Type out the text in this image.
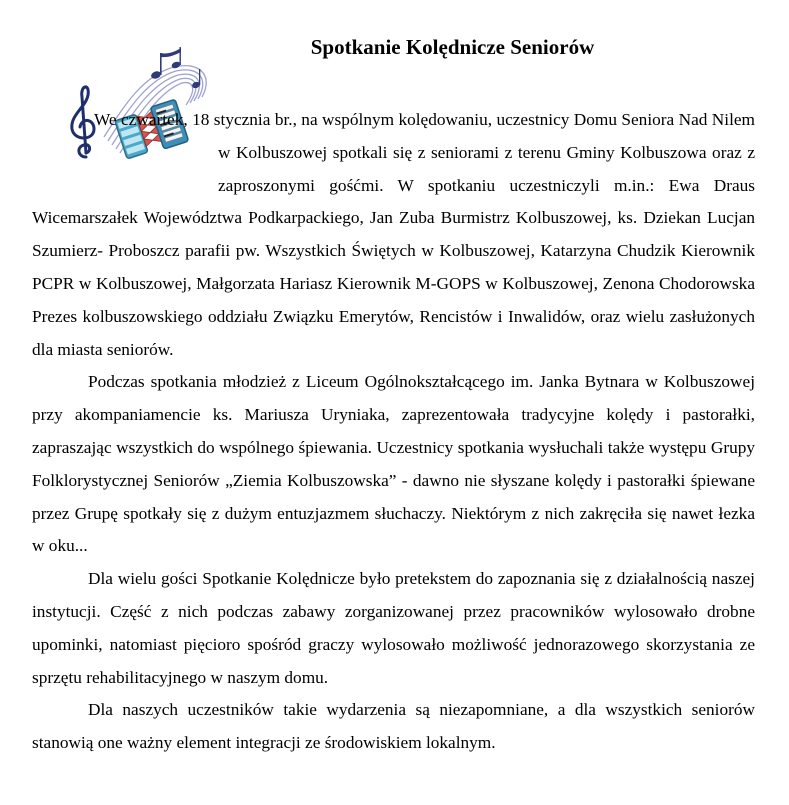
Spotkanie Kolędnicze Seniorów

We czwartek, 18 stycznia br., na wspólnym kolędowaniu, uczestnicy Domu Seniora Nad Nilem w Kolbuszowej spotkali się z seniorami z terenu Gminy Kolbuszowa oraz z zaproszonymi gośćmi. W spotkaniu uczestniczyli m.in.: Ewa Draus Wicemarszałek Województwa Podkarpackiego, Jan Zuba Burmistrz Kolbuszowej, ks. Dziekan Lucjan Szumierz- Proboszcz parafii pw. Wszystkich Świętych w Kolbuszowej, Katarzyna Chudzik Kierownik PCPR w Kolbuszowej, Małgorzata Hariasz Kierownik M-GOPS w Kolbuszowej, Zenona Chodorowska Prezes kolbuszowskiego oddziału Związku Emerytów, Rencistów i Inwalidów, oraz wielu zasłużonych dla miasta seniorów.

Podczas spotkania młodzież z Liceum Ogólnokształcącego im. Janka Bytnara w Kolbuszowej przy akompaniamencie ks. Mariusza Uryniaka, zaprezentowała tradycyjne kolędy i pastorałki, zapraszając wszystkich do wspólnego śpiewania. Uczestnicy spotkania wysłuchali także występu Grupy Folklorystycznej Seniorów „Ziemia Kolbuszowska” - dawno nie słyszane kolędy i pastorałki śpiewane przez Grupę spotkały się z dużym entuzjazmem słuchaczy. Niektórym z nich zakręciła się nawet łezka w oku...

Dla wielu gości Spotkanie Kolędnicze było pretekstem do zapoznania się z działalnością naszej instytucji. Część z nich podczas zabawy zorganizowanej przez pracowników wylosowało drobne upominki, natomiast pięcioro spośród graczy wylosowało możliwość jednorazowego skorzystania ze sprzętu rehabilitacyjnego w naszym domu.

Dla naszych uczestników takie wydarzenia są niezapomniane, a dla wszystkich seniorów stanowią one ważny element integracji ze środowiskiem lokalnym.
